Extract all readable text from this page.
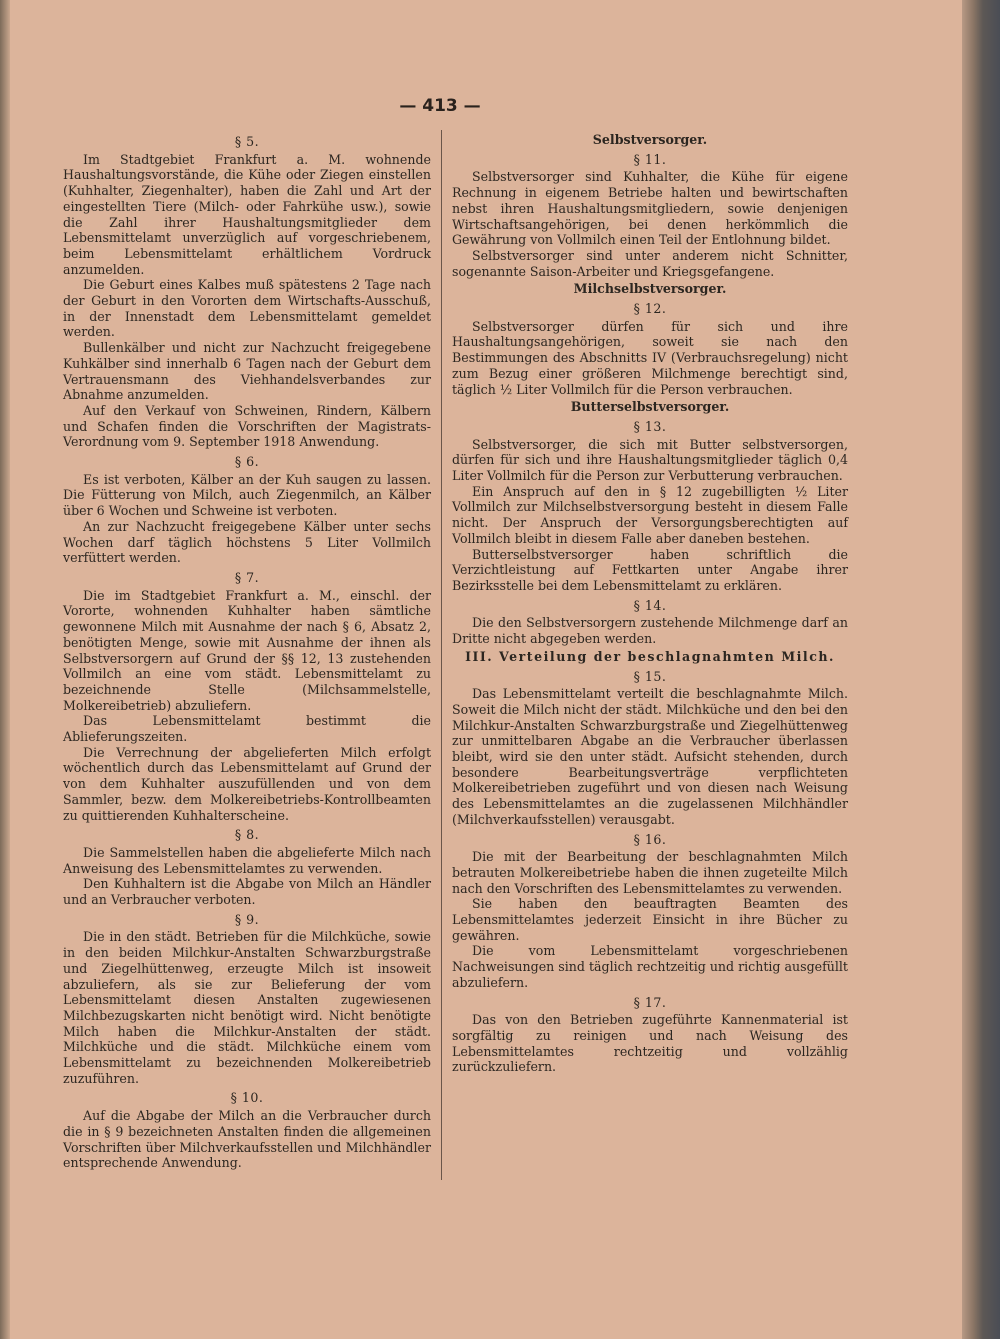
— 413 —
§ 5.
Im Stadtgebiet Frankfurt a. M. wohnende Haushaltungsvorstände, die Kühe oder Ziegen einstellen (Kuhhalter, Ziegenhalter), haben die Zahl und Art der eingestellten Tiere (Milch- oder Fahrkühe usw.), sowie die Zahl ihrer Haushaltungsmitglieder dem Lebensmittelamt unverzüglich auf vorgeschriebenem, beim Lebensmittelamt erhältlichem Vordruck anzumelden.
Die Geburt eines Kalbes muß spätestens 2 Tage nach der Geburt in den Vororten dem Wirtschafts-Ausschuß, in der Innenstadt dem Lebensmittelamt gemeldet werden.
Bullenkälber und nicht zur Nachzucht freigegebene Kuhkälber sind innerhalb 6 Tagen nach der Geburt dem Vertrauensmann des Viehhandelsverbandes zur Abnahme anzumelden.
Auf den Verkauf von Schweinen, Rindern, Kälbern und Schafen finden die Vorschriften der Magistrats-Verordnung vom 9. September 1918 Anwendung.
§ 6.
Es ist verboten, Kälber an der Kuh saugen zu lassen. Die Fütterung von Milch, auch Ziegenmilch, an Kälber über 6 Wochen und Schweine ist verboten.
An zur Nachzucht freigegebene Kälber unter sechs Wochen darf täglich höchstens 5 Liter Vollmilch verfüttert werden.
§ 7.
Die im Stadtgebiet Frankfurt a. M., einschl. der Vororte, wohnenden Kuhhalter haben sämtliche gewonnene Milch mit Ausnahme der nach § 6, Absatz 2, benötigten Menge, sowie mit Ausnahme der ihnen als Selbstversorgern auf Grund der §§ 12, 13 zustehenden Vollmilch an eine vom städt. Lebensmittelamt zu bezeichnende Stelle (Milchsammelstelle, Molkereibetrieb) abzuliefern.
Das Lebensmittelamt bestimmt die Ablieferungszeiten.
Die Verrechnung der abgelieferten Milch erfolgt wöchentlich durch das Lebensmittelamt auf Grund der von dem Kuhhalter auszufüllenden und von dem Sammler, bezw. dem Molkereibetriebs-Kontrollbeamten zu quittierenden Kuhhalterscheine.
§ 8.
Die Sammelstellen haben die abgelieferte Milch nach Anweisung des Lebensmittelamtes zu verwenden.
Den Kuhhaltern ist die Abgabe von Milch an Händler und an Verbraucher verboten.
§ 9.
Die in den städt. Betrieben für die Milchküche, sowie in den beiden Milchkur-Anstalten Schwarzburgstraße und Ziegelhüttenweg, erzeugte Milch ist insoweit abzuliefern, als sie zur Belieferung der vom Lebensmittelamt diesen Anstalten zugewiesenen Milchbezugskarten nicht benötigt wird. Nicht benötigte Milch haben die Milchkur-Anstalten der städt. Milchküche und die städt. Milchküche einem vom Lebensmittelamt zu bezeichnenden Molkereibetrieb zuzuführen.
§ 10.
Auf die Abgabe der Milch an die Verbraucher durch die in § 9 bezeichneten Anstalten finden die allgemeinen Vorschriften über Milchverkaufsstellen und Milchhändler entsprechende Anwendung.
Selbstversorger.
§ 11.
Selbstversorger sind Kuhhalter, die Kühe für eigene Rechnung in eigenem Betriebe halten und bewirtschaften nebst ihren Haushaltungsmitgliedern, sowie denjenigen Wirtschaftsangehörigen, bei denen herkömmlich die Gewährung von Vollmilch einen Teil der Entlohnung bildet.
Selbstversorger sind unter anderem nicht Schnitter, sogenannte Saison-Arbeiter und Kriegsgefangene.
Milchselbstversorger.
§ 12.
Selbstversorger dürfen für sich und ihre Haushaltungsangehörigen, soweit sie nach den Bestimmungen des Abschnitts IV (Verbrauchsregelung) nicht zum Bezug einer größeren Milchmenge berechtigt sind, täglich ½ Liter Vollmilch für die Person verbrauchen.
Butterselbstversorger.
§ 13.
Selbstversorger, die sich mit Butter selbstversorgen, dürfen für sich und ihre Haushaltungsmitglieder täglich 0,4 Liter Vollmilch für die Person zur Verbutterung verbrauchen.
Ein Anspruch auf den in § 12 zugebilligten ½ Liter Vollmilch zur Milchselbstversorgung besteht in diesem Falle nicht. Der Anspruch der Versorgungsberechtigten auf Vollmilch bleibt in diesem Falle aber daneben bestehen.
Butterselbstversorger haben schriftlich die Verzichtleistung auf Fettkarten unter Angabe ihrer Bezirksstelle bei dem Lebensmittelamt zu erklären.
§ 14.
Die den Selbstversorgern zustehende Milchmenge darf an Dritte nicht abgegeben werden.
III. Verteilung der beschlagnahmten Milch.
§ 15.
Das Lebensmittelamt verteilt die beschlagnahmte Milch. Soweit die Milch nicht der städt. Milchküche und den bei den Milchkur-Anstalten Schwarzburgstraße und Ziegelhüttenweg zur unmittelbaren Abgabe an die Verbraucher überlassen bleibt, wird sie den unter städt. Aufsicht stehenden, durch besondere Bearbeitungsverträge verpflichteten Molkereibetrieben zugeführt und von diesen nach Weisung des Lebensmittelamtes an die zugelassenen Milchhändler (Milchverkaufsstellen) verausgabt.
§ 16.
Die mit der Bearbeitung der beschlagnahmten Milch betrauten Molkereibetriebe haben die ihnen zugeteilte Milch nach den Vorschriften des Lebensmittelamtes zu verwenden.
Sie haben den beauftragten Beamten des Lebensmittelamtes jederzeit Einsicht in ihre Bücher zu gewähren.
Die vom Lebensmittelamt vorgeschriebenen Nachweisungen sind täglich rechtzeitig und richtig ausgefüllt abzuliefern.
§ 17.
Das von den Betrieben zugeführte Kannenmaterial ist sorgfältig zu reinigen und nach Weisung des Lebensmittelamtes rechtzeitig und vollzählig zurückzuliefern.
